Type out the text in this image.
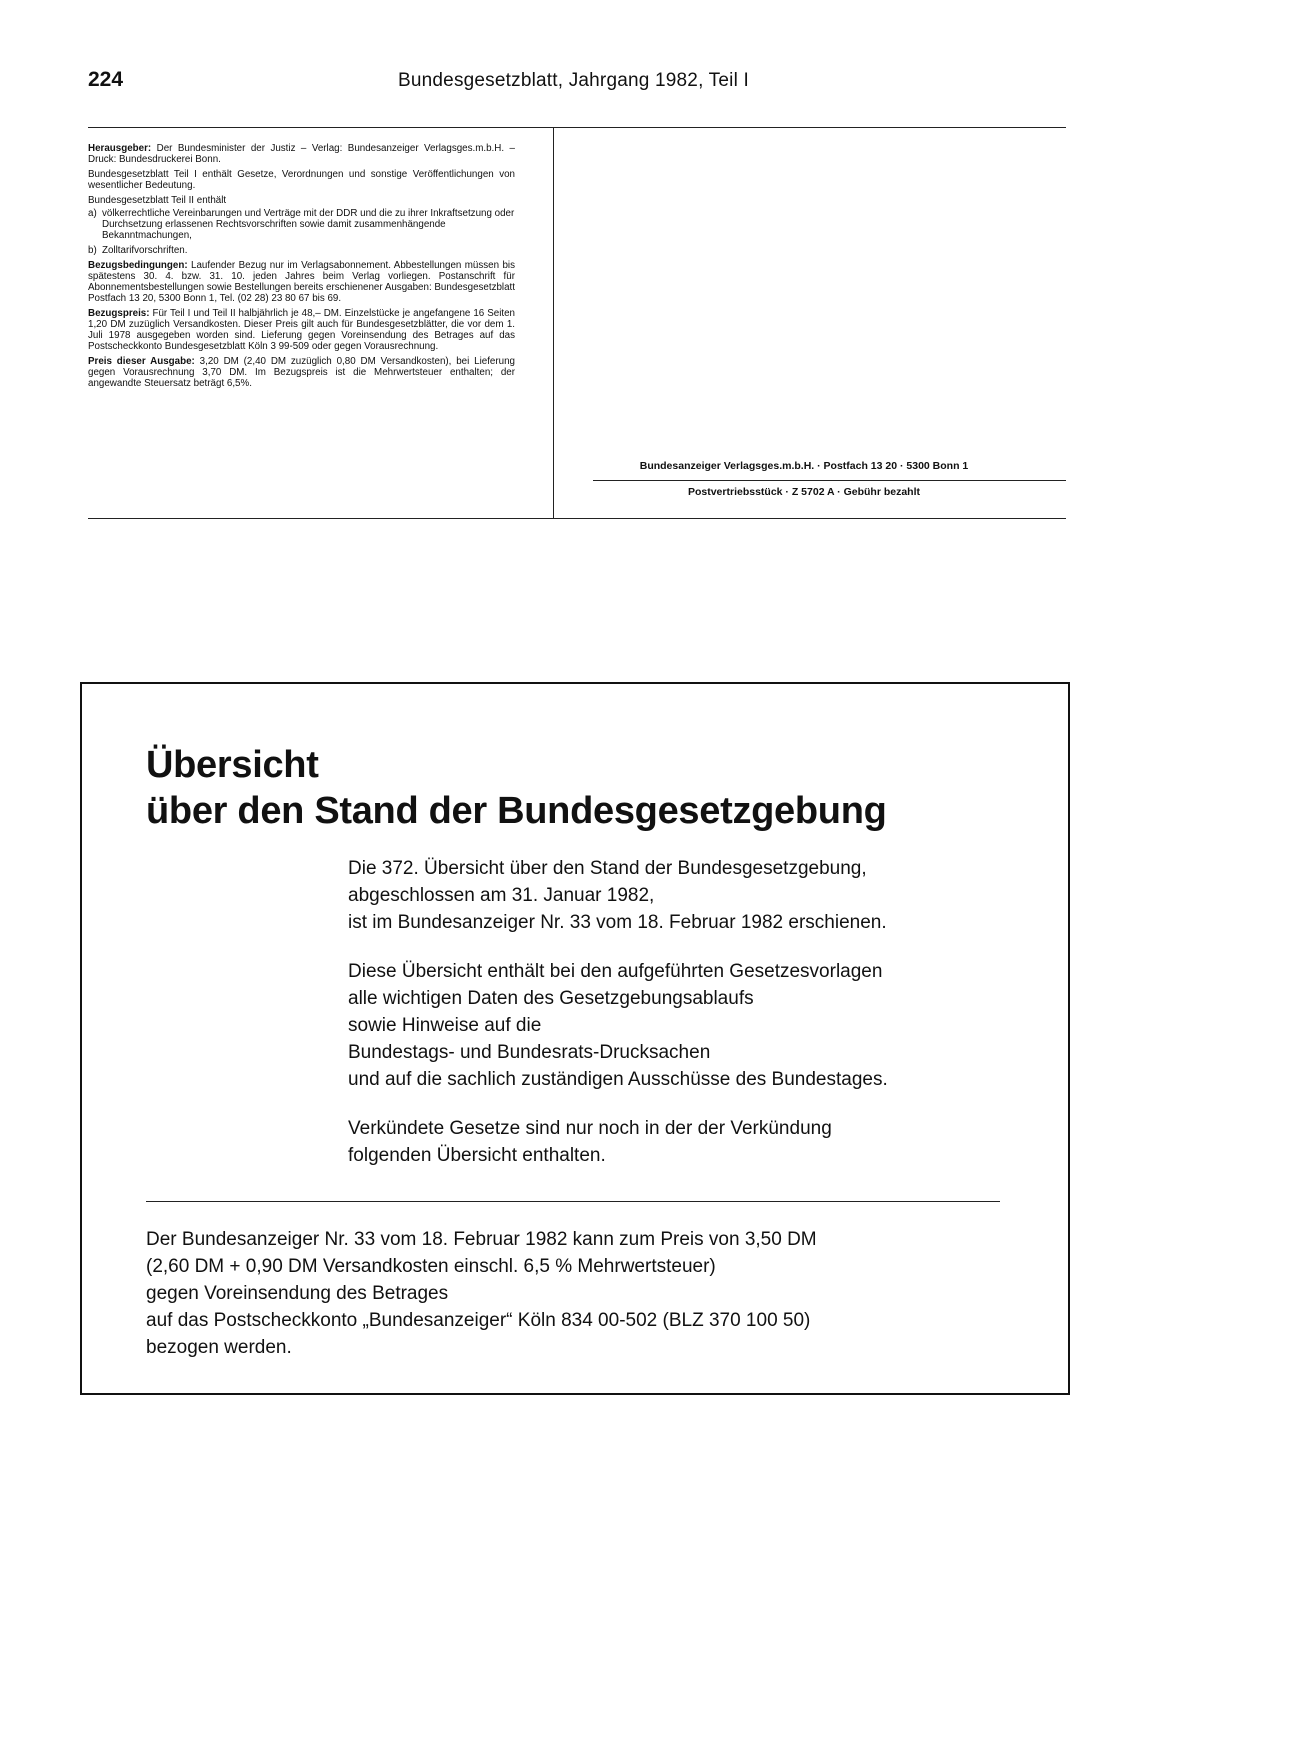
224	Bundesgesetzblatt, Jahrgang 1982, Teil I

Herausgeber: Der Bundesminister der Justiz – Verlag: Bundesanzeiger Verlagsges.m.b.H. – Druck: Bundesdruckerei Bonn.

Bundesgesetzblatt Teil I enthält Gesetze, Verordnungen und sonstige Veröffentlichungen von wesentlicher Bedeutung.

Bundesgesetzblatt Teil II enthält

a) völkerrechtliche Vereinbarungen und Verträge mit der DDR und die zu ihrer Inkraftsetzung oder Durchsetzung erlassenen Rechtsvorschriften sowie damit zusammenhängende Bekanntmachungen,
b) Zolltarifvorschriften.

Bezugsbedingungen: Laufender Bezug nur im Verlagsabonnement. Abbestellungen müssen bis spätestens 30. 4. bzw. 31. 10. jeden Jahres beim Verlag vorliegen. Postanschrift für Abonnementsbestellungen sowie Bestellungen bereits erschienener Ausgaben: Bundesgesetzblatt Postfach 13 20, 5300 Bonn 1, Tel. (02 28) 23 80 67 bis 69.

Bezugspreis: Für Teil I und Teil II halbjährlich je 48,– DM. Einzelstücke je angefangene 16 Seiten 1,20 DM zuzüglich Versandkosten. Dieser Preis gilt auch für Bundesgesetzblätter, die vor dem 1. Juli 1978 ausgegeben worden sind. Lieferung gegen Voreinsendung des Betrages auf das Postscheckkonto Bundesgesetzblatt Köln 3 99-509 oder gegen Vorausrechnung.

Preis dieser Ausgabe: 3,20 DM (2,40 DM zuzüglich 0,80 DM Versandkosten), bei Lieferung gegen Vorausrechnung 3,70 DM. Im Bezugspreis ist die Mehrwertsteuer enthalten; der angewandte Steuersatz beträgt 6,5%.

Bundesanzeiger Verlagsges.m.b.H. · Postfach 13 20 · 5300 Bonn 1
Postvertriebsstück · Z 5702 A · Gebühr bezahlt
Übersicht
über den Stand der Bundesgesetzgebung
Die 372. Übersicht über den Stand der Bundesgesetzgebung,
abgeschlossen am 31. Januar 1982,
ist im Bundesanzeiger Nr. 33 vom 18. Februar 1982 erschienen.
Diese Übersicht enthält bei den aufgeführten Gesetzesvorlagen
alle wichtigen Daten des Gesetzgebungsablaufs
sowie Hinweise auf die
Bundestags- und Bundesrats-Drucksachen
und auf die sachlich zuständigen Ausschüsse des Bundestages.
Verkündete Gesetze sind nur noch in der der Verkündung
folgenden Übersicht enthalten.
Der Bundesanzeiger Nr. 33 vom 18. Februar 1982 kann zum Preis von 3,50 DM
(2,60 DM + 0,90 DM Versandkosten einschl. 6,5 % Mehrwertsteuer)
gegen Voreinsendung des Betrages
auf das Postscheckkonto „Bundesanzeiger“ Köln 834 00-502 (BLZ 370 100 50)
bezogen werden.
